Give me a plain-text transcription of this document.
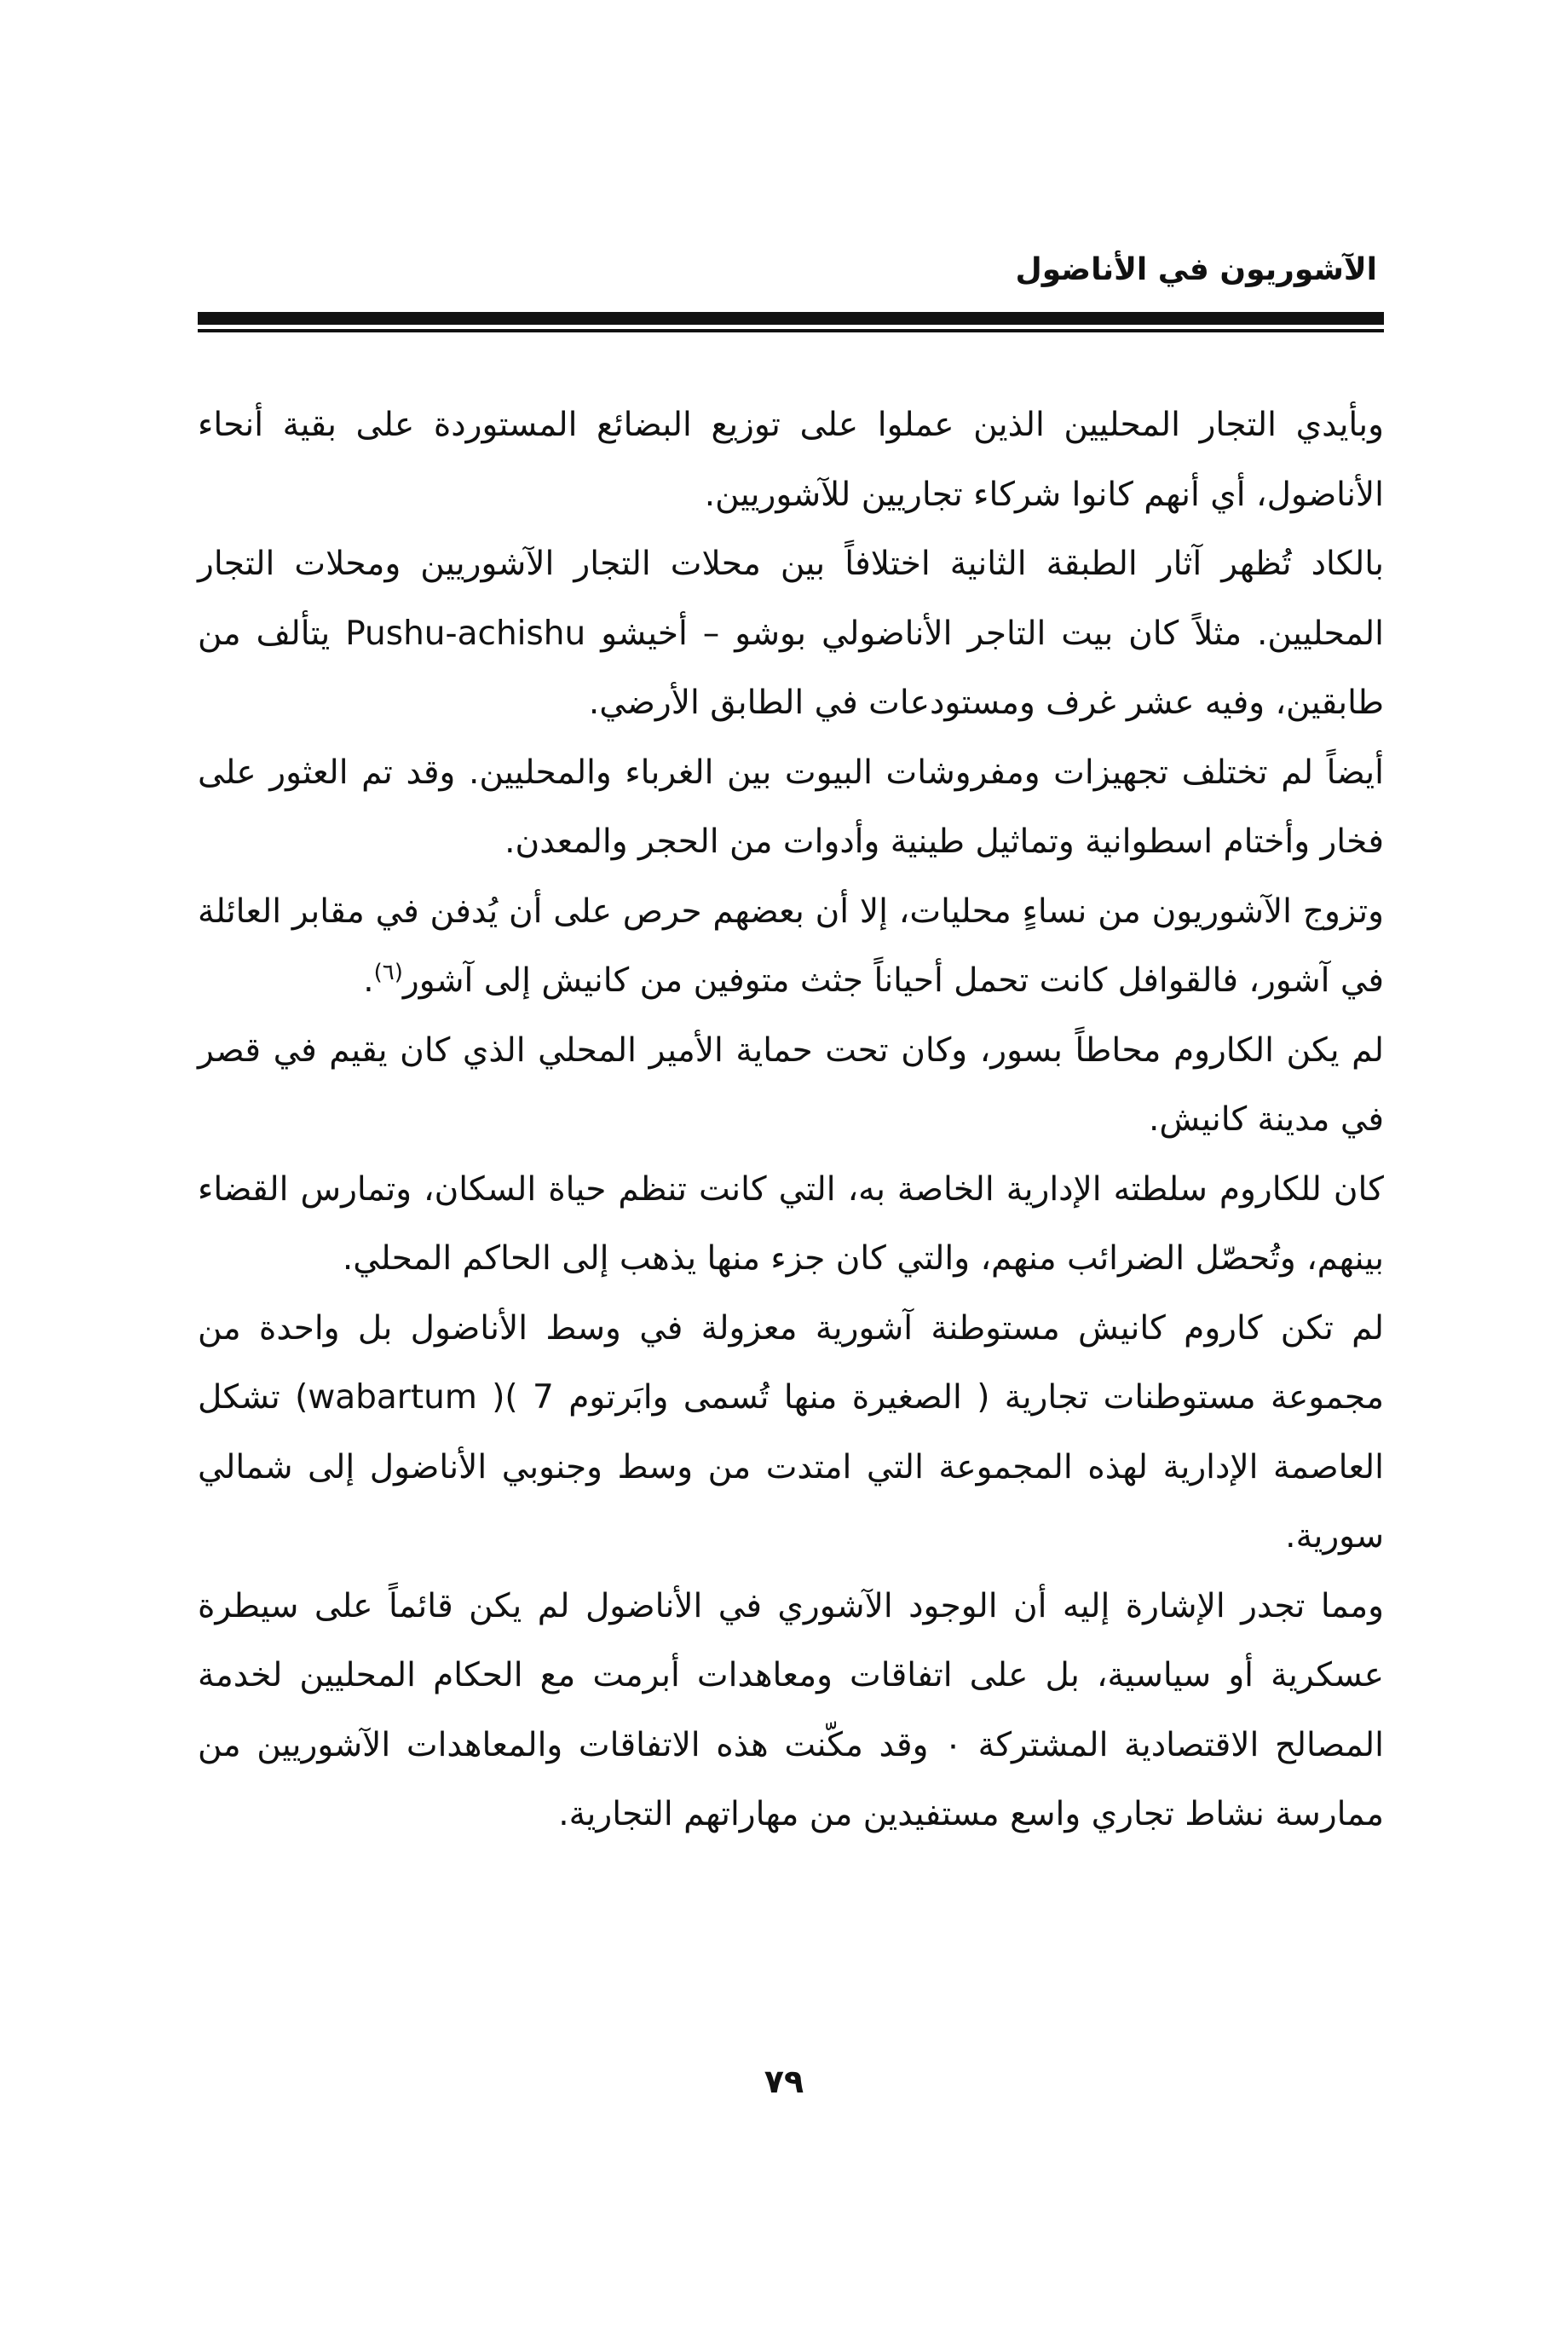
الآشوريون في الأناضول

وبأيدي التجار المحليين الذين عملوا على توزيع البضائع المستوردة على بقية أنحاء الأناضول، أي أنهم كانوا شركاء تجاريين للآشوريين.

بالكاد تُظهر آثار الطبقة الثانية اختلافاً بين محلات التجار الآشوريين ومحلات التجار المحليين. مثلاً كان بيت التاجر الأناضولي بوشو – أخيشو Pushu-achishu يتألف من طابقين، وفيه عشر غرف ومستودعات في الطابق الأرضي.

أيضاً لم تختلف تجهيزات ومفروشات البيوت بين الغرباء والمحليين. وقد تم العثور على فخار وأختام اسطوانية وتماثيل طينية وأدوات من الحجر والمعدن.

وتزوج الآشوريون من نساءٍ محليات، إلا أن بعضهم حرص على أن يُدفن في مقابر العائلة في آشور، فالقوافل كانت تحمل أحياناً جثث متوفين من كانيش إلى آشور$^{(٦)}$.

لم يكن الكاروم محاطاً بسور، وكان تحت حماية الأمير المحلي الذي كان يقيم في قصر في مدينة كانيش.

كان للكاروم سلطته الإدارية الخاصة به، التي كانت تنظم حياة السكان، وتمارس القضاء بينهم، وتُحصّل الضرائب منهم، والتي كان جزء منها يذهب إلى الحاكم المحلي.

لم تكن كاروم كانيش مستوطنة آشورية معزولة في وسط الأناضول بل واحدة من مجموعة مستوطنات تجارية ( الصغيرة منها تُسمى وابَرتوم (wabartum )( 7 تشكل العاصمة الإدارية لهذه المجموعة التي امتدت من وسط وجنوبي الأناضول إلى شمالي سورية.

ومما تجدر الإشارة إليه أن الوجود الآشوري في الأناضول لم يكن قائماً على سيطرة عسكرية أو سياسية، بل على اتفاقات ومعاهدات أبرمت مع الحكام المحليين لخدمة المصالح الاقتصادية المشتركة ۰ وقد مكّنت هذه الاتفاقات والمعاهدات الآشوريين من ممارسة نشاط تجاري واسع مستفيدين من مهاراتهم التجارية.

٧٩
